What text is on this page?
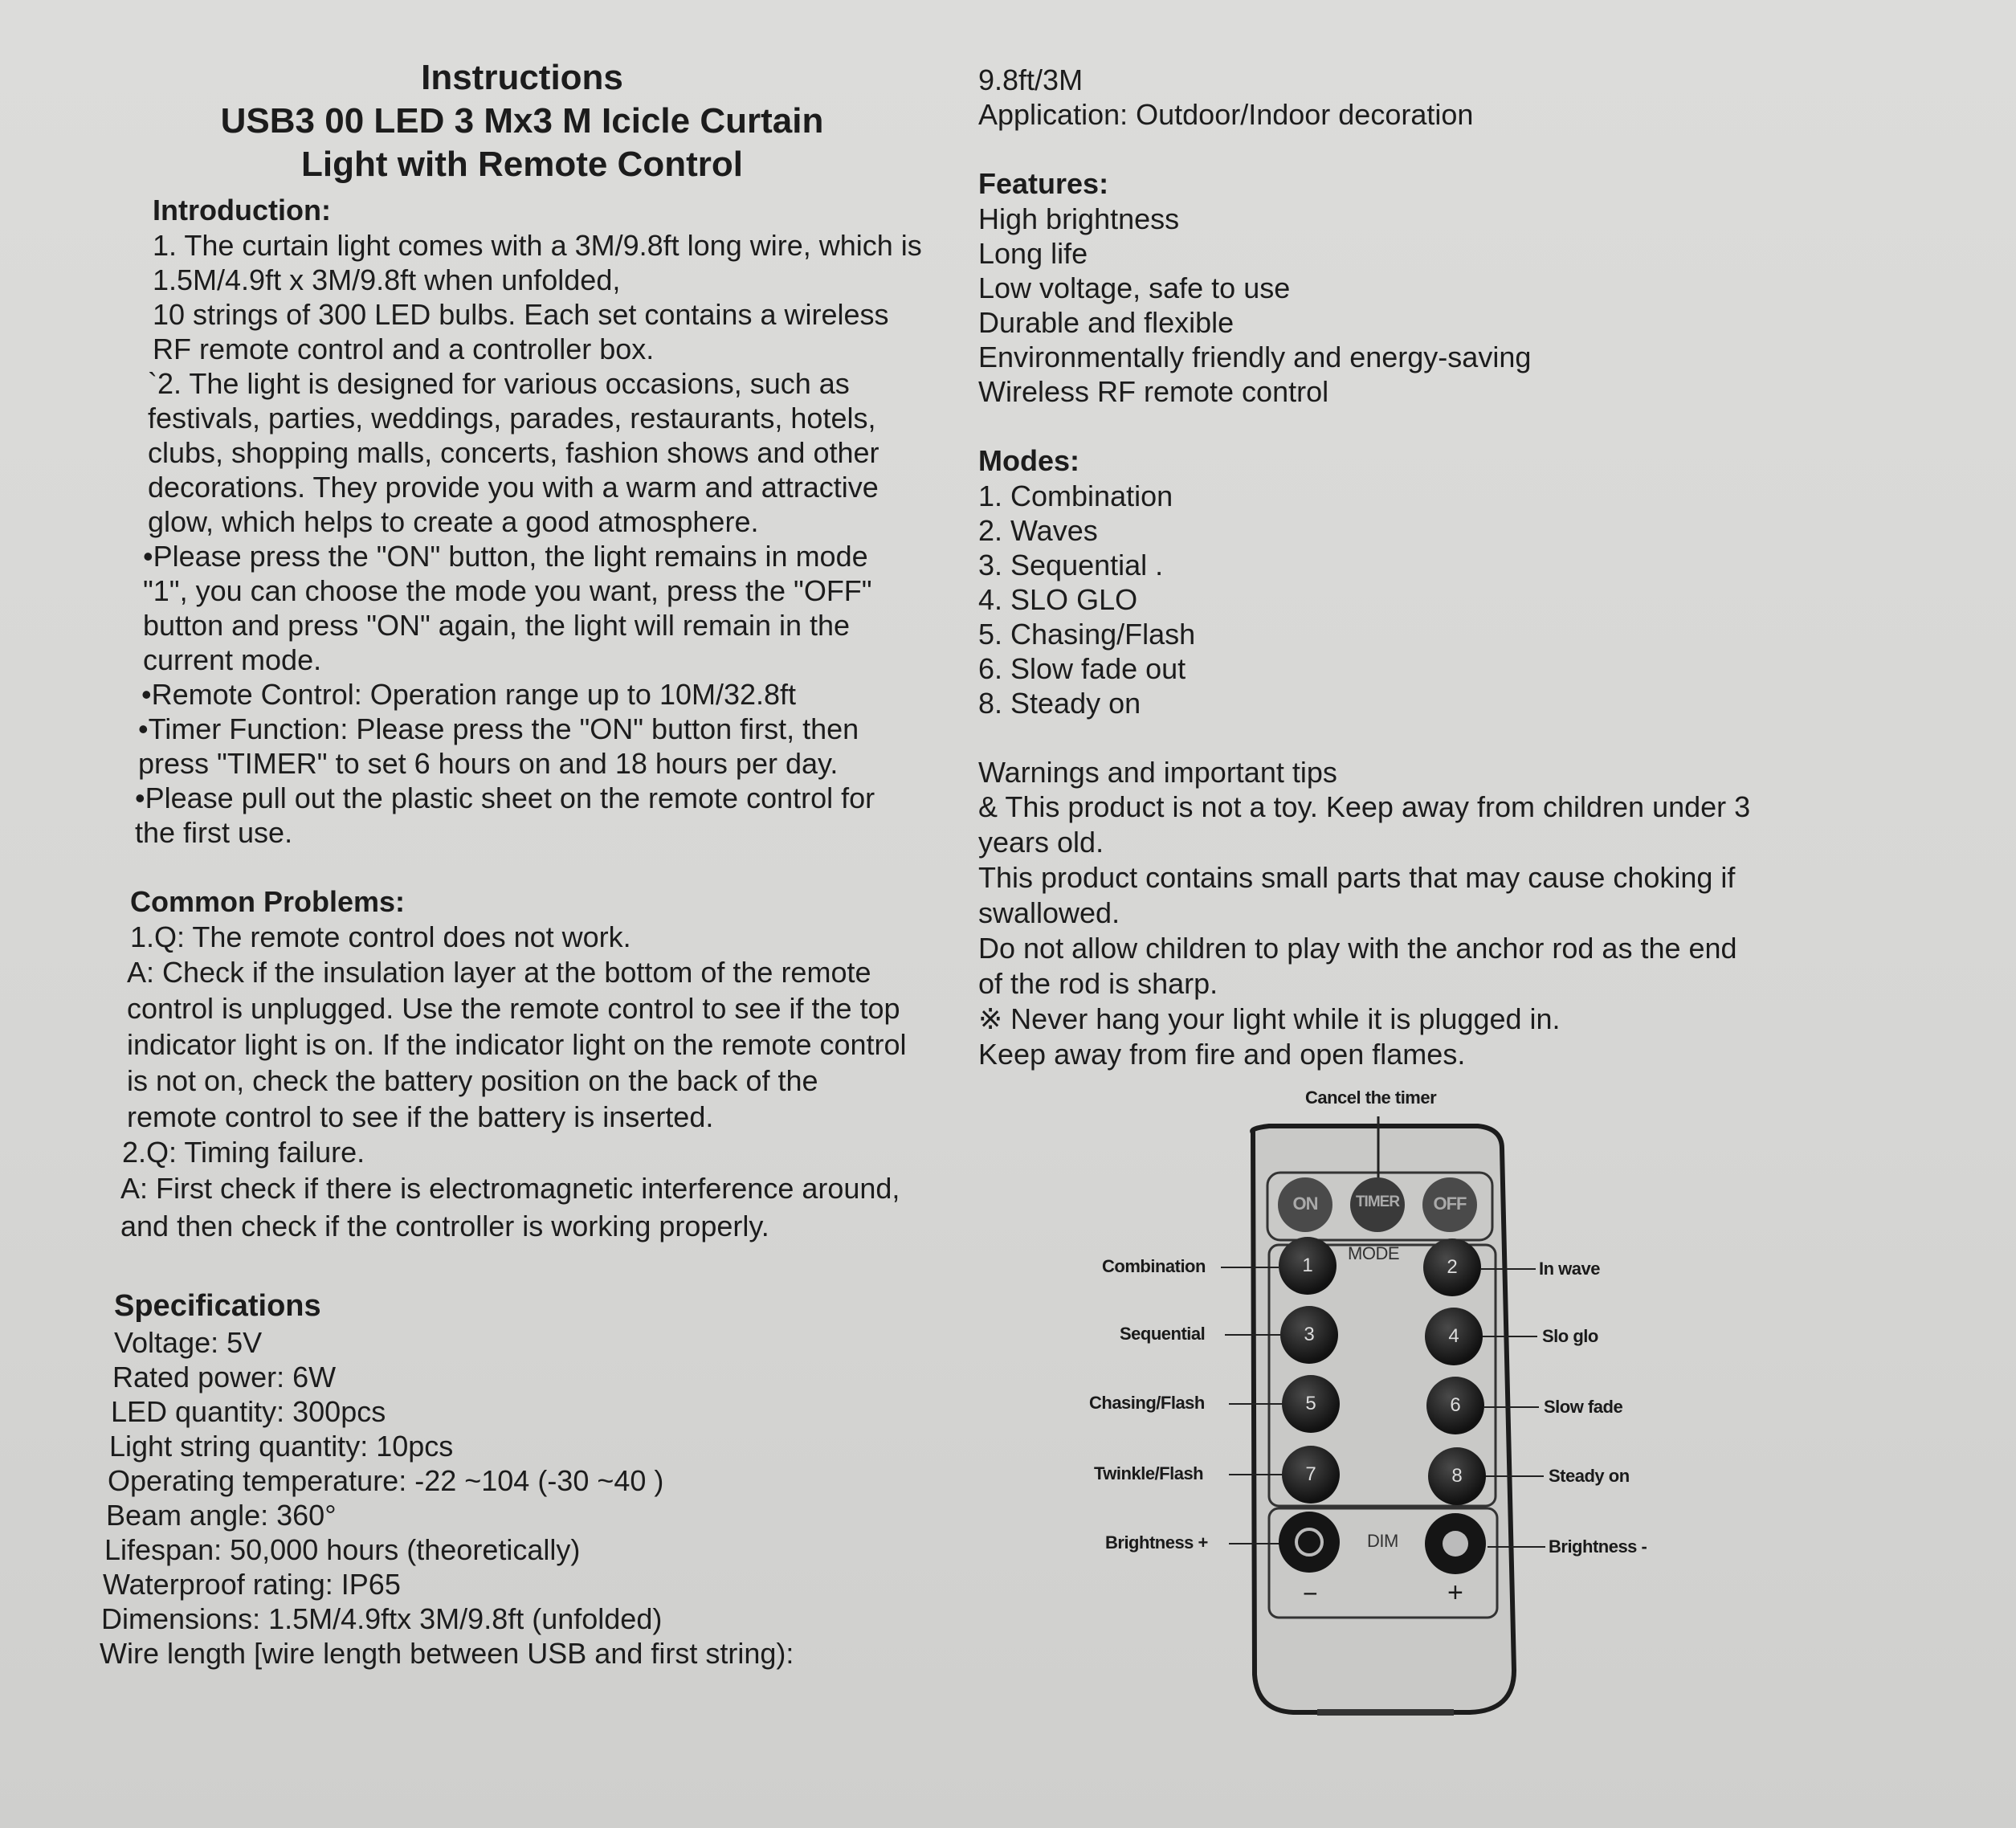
Instructions
USB3 00 LED 3 Mx3 M Icicle Curtain
Light with Remote Control

Introduction:

1. The curtain light comes with a 3M/9.8ft long wire, which is
1.5M/4.9ft x 3M/9.8ft when unfolded,
10 strings of 300 LED bulbs. Each set contains a wireless
RF remote control and a controller box.

`2. The light is designed for various occasions, such as
festivals, parties, weddings, parades, restaurants, hotels,
clubs, shopping malls, concerts, fashion shows and other
decorations. They provide you with a warm and attractive
glow, which helps to create a good atmosphere.

•Please press the "ON" button, the light remains in mode
"1", you can choose the mode you want, press the "OFF"
button and press "ON" again, the light will remain in the
current mode.

•Remote Control: Operation range up to 10M/32.8ft

•Timer Function: Please press the "ON" button first, then
press "TIMER" to set 6 hours on and 18 hours per day.

•Please pull out the plastic sheet on the remote control for
the first use.

Common Problems:

1.Q: The remote control does not work.

A: Check if the insulation layer at the bottom of the remote
control is unplugged. Use the remote control to see if the top
indicator light is on. If the indicator light on the remote control
is not on, check the battery position on the back of the
remote control to see if the battery is inserted.

2.Q: Timing failure.

A: First check if there is electromagnetic interference around,
and then check if the controller is working properly.

Specifications

Voltage: 5V
Rated power: 6W
LED quantity: 300pcs
Light string quantity: 10pcs
Operating temperature: -22 ~104 (-30 ~40 )
Beam angle: 360°
Lifespan: 50,000 hours (theoretically)
Waterproof rating: IP65
Dimensions: 1.5M/4.9ftx 3M/9.8ft (unfolded)
Wire length [wire length between USB and first string):
9.8ft/3M
Application: Outdoor/Indoor decoration

Features:

High brightness
Long life
Low voltage, safe to use
Durable and flexible
Environmentally friendly and energy-saving
Wireless RF remote control

Modes:

1. Combination
2. Waves
3. Sequential .
4. SLO GLO
5. Chasing/Flash
6. Slow fade out
8. Steady on

Warnings and important tips

& This product is not a toy. Keep away from children under 3
years old.

This product contains small parts that may cause choking if
swallowed.

Do not allow children to play with the anchor rod as the end
of the rod is sharp.

※ Never hang your light while it is plugged in.

Keep away from fire and open flames.

Cancel the timer
ON	TIMER	OFF
MODE
1	2
3	4
5	6
7	8
DIM
−	+
Combination
Sequential
Chasing/Flash
Twinkle/Flash
Brightness +
In wave
Slo glo
Slow fade
Steady on
Brightness -
